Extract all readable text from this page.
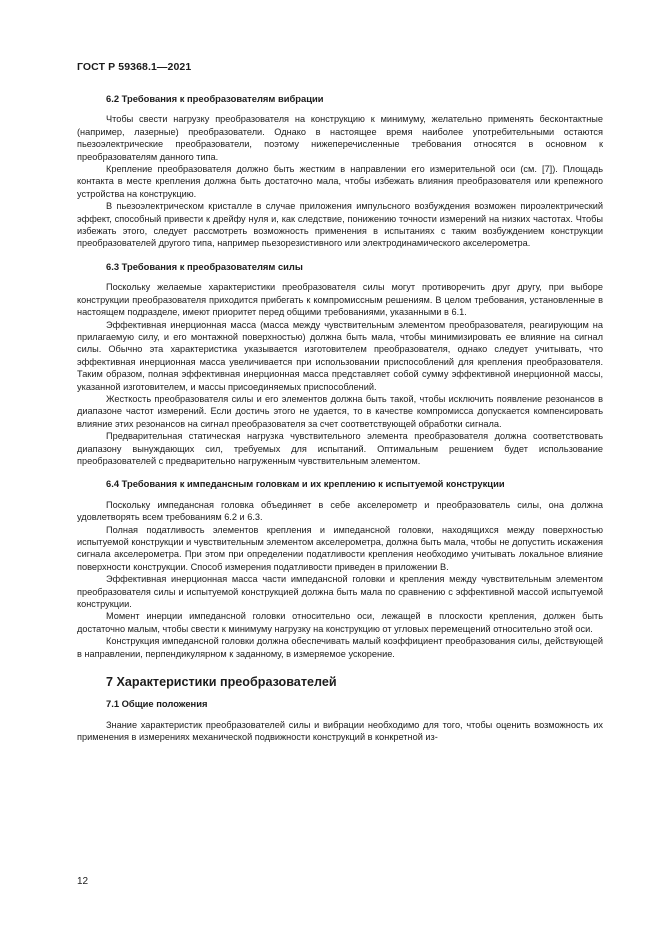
ГОСТ Р 59368.1—2021
6.2 Требования к преобразователям вибрации

Чтобы свести нагрузку преобразователя на конструкцию к минимуму, желательно применять бесконтактные (например, лазерные) преобразователи. Однако в настоящее время наиболее употребительными остаются пьезоэлектрические преобразователи, поэтому нижеперечисленные требования относятся в основном к преобразователям данного типа.

Крепление преобразователя должно быть жестким в направлении его измерительной оси (см. [7]). Площадь контакта в месте крепления должна быть достаточно мала, чтобы избежать влияния преобразователя или крепежного устройства на конструкцию.

В пьезоэлектрическом кристалле в случае приложения импульсного возбуждения возможен пироэлектрический эффект, способный привести к дрейфу нуля и, как следствие, понижению точности измерений на низких частотах. Чтобы избежать этого, следует рассмотреть возможность применения в испытаниях с таким возбуждением конструкции преобразователей другого типа, например пьезорезистивного или электродинамического акселерометра.

6.3 Требования к преобразователям силы

Поскольку желаемые характеристики преобразователя силы могут противоречить друг другу, при выборе конструкции преобразователя приходится прибегать к компромиссным решениям. В целом требования, установленные в настоящем подразделе, имеют приоритет перед общими требованиями, указанными в 6.1.

Эффективная инерционная масса (масса между чувствительным элементом преобразователя, реагирующим на прилагаемую силу, и его монтажной поверхностью) должна быть мала, чтобы минимизировать ее влияние на сигнал силы. Обычно эта характеристика указывается изготовителем преобразователя, однако следует учитывать, что эффективная инерционная масса увеличивается при использовании приспособлений для крепления преобразователя. Таким образом, полная эффективная инерционная масса представляет собой сумму эффективной инерционной массы, указанной изготовителем, и массы присоединяемых приспособлений.

Жесткость преобразователя силы и его элементов должна быть такой, чтобы исключить появление резонансов в диапазоне частот измерений. Если достичь этого не удается, то в качестве компромисса допускается компенсировать влияние этих резонансов на сигнал преобразователя за счет соответствующей обработки сигнала.

Предварительная статическая нагрузка чувствительного элемента преобразователя должна соответствовать диапазону вынуждающих сил, требуемых для испытаний. Оптимальным решением будет использование преобразователей с предварительно нагруженным чувствительным элементом.

6.4 Требования к импедансным головкам и их креплению к испытуемой конструкции

Поскольку импедансная головка объединяет в себе акселерометр и преобразователь силы, она должна удовлетворять всем требованиям 6.2 и 6.3.

Полная податливость элементов крепления и импедансной головки, находящихся между поверхностью испытуемой конструкции и чувствительным элементом акселерометра, должна быть мала, чтобы не допустить искажения сигнала акселерометра. При этом при определении податливости крепления необходимо учитывать локальное влияние поверхности конструкции. Способ измерения податливости приведен в приложении В.

Эффективная инерционная масса части импедансной головки и крепления между чувствительным элементом преобразователя силы и испытуемой конструкцией должна быть мала по сравнению с эффективной массой испытуемой конструкции.

Момент инерции импедансной головки относительно оси, лежащей в плоскости крепления, должен быть достаточно малым, чтобы свести к минимуму нагрузку на конструкцию от угловых перемещений относительно этой оси.

Конструкция импедансной головки должна обеспечивать малый коэффициент преобразования силы, действующей в направлении, перпендикулярном к заданному, в измеряемое ускорение.

7 Характеристики преобразователей
7.1 Общие положения

Знание характеристик преобразователей силы и вибрации необходимо для того, чтобы оценить возможность их применения в измерениях механической подвижности конструкций в конкретной из-

12
